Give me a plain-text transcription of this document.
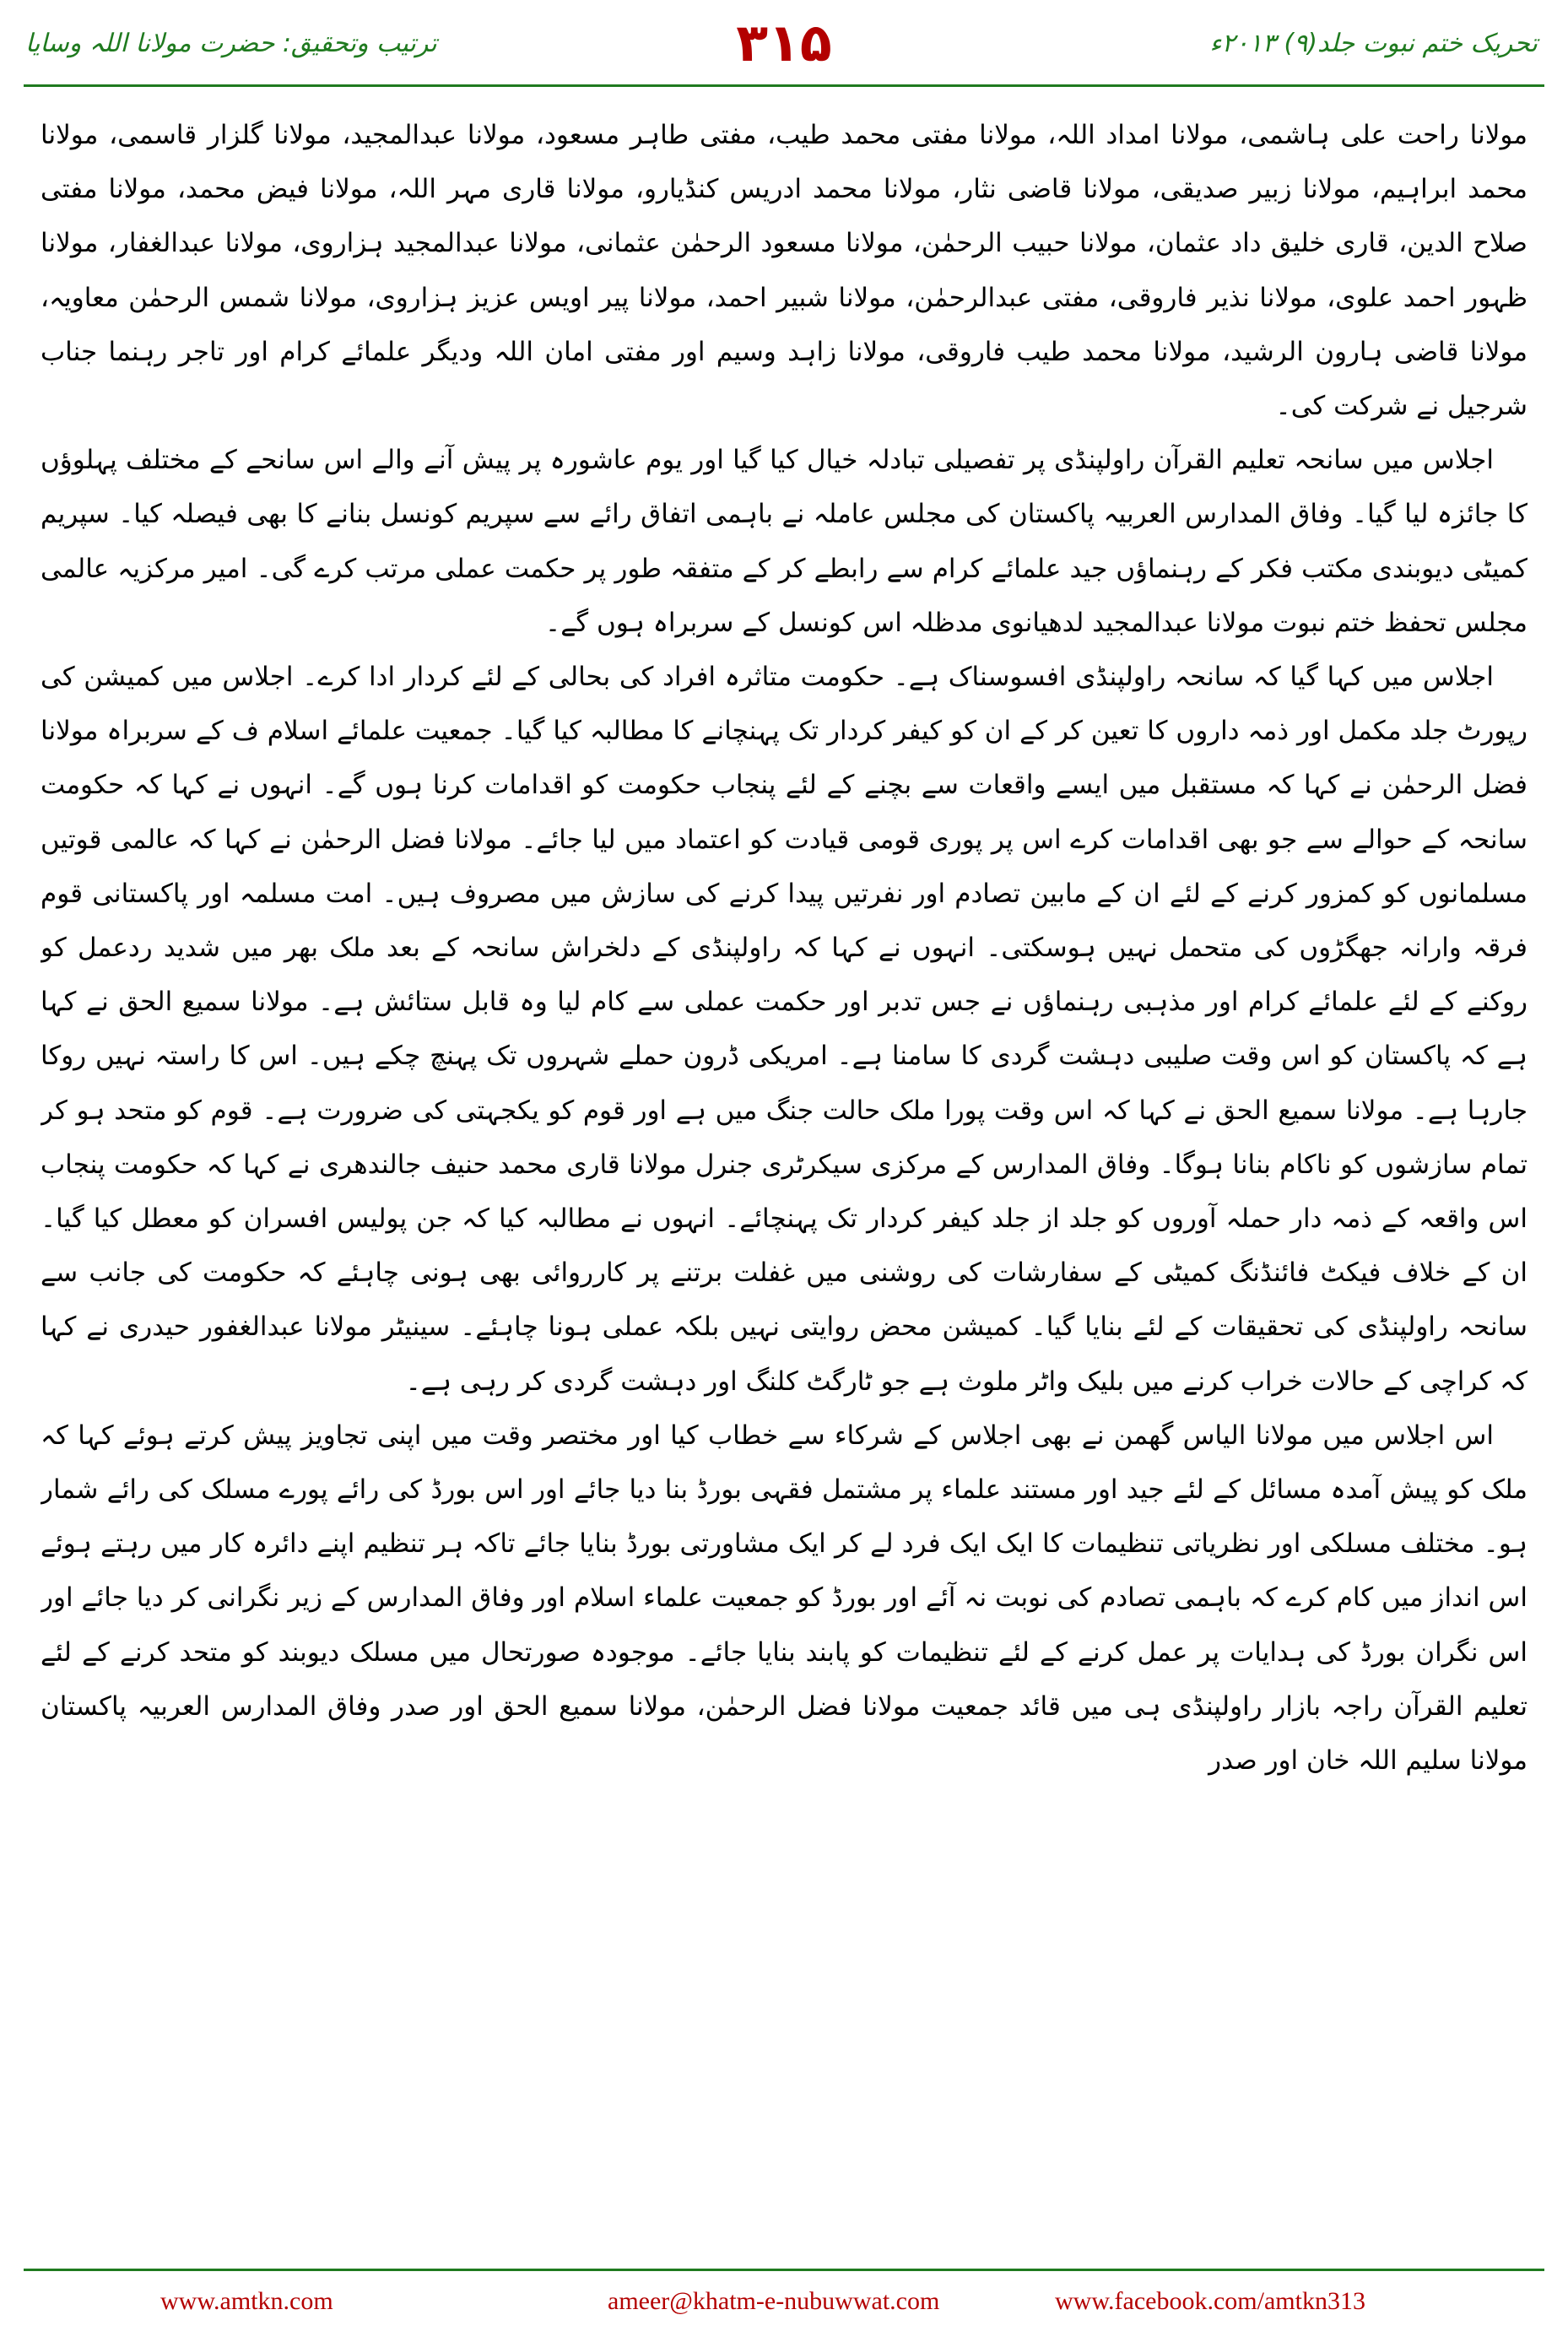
ترتیب وتحقیق: حضرت مولانا اللہ وسایا	۳۱۵	تحریک ختم نبوت جلد(۹) ۲۰۱۳ء

مولانا راحت علی ہاشمی، مولانا امداد اللہ، مولانا مفتی محمد طیب، مفتی طاہر مسعود، مولانا عبدالمجید، مولانا گلزار قاسمی، مولانا محمد ابراہیم، مولانا زبیر صدیقی، مولانا قاضی نثار، مولانا محمد ادریس کنڈیارو، مولانا قاری مہر اللہ، مولانا فیض محمد، مولانا مفتی صلاح الدین، قاری خلیق داد عثمان، مولانا حبیب الرحمٰن، مولانا مسعود الرحمٰن عثمانی، مولانا عبدالمجید ہزاروی، مولانا عبدالغفار، مولانا ظہور احمد علوی، مولانا نذیر فاروقی، مفتی عبدالرحمٰن، مولانا شبیر احمد، مولانا پیر اویس عزیز ہزاروی، مولانا شمس الرحمٰن معاویہ، مولانا قاضی ہارون الرشید، مولانا محمد طیب فاروقی، مولانا زاہد وسیم اور مفتی امان اللہ ودیگر علمائے کرام اور تاجر رہنما جناب شرجیل نے شرکت کی۔

اجلاس میں سانحہ تعلیم القرآن راولپنڈی پر تفصیلی تبادلہ خیال کیا گیا اور یوم عاشورہ پر پیش آنے والے اس سانحے کے مختلف پہلوؤں کا جائزہ لیا گیا۔ وفاق المدارس العربیہ پاکستان کی مجلس عاملہ نے باہمی اتفاق رائے سے سپریم کونسل بنانے کا بھی فیصلہ کیا۔ سپریم کمیٹی دیوبندی مکتب فکر کے رہنماؤں جید علمائے کرام سے رابطے کر کے متفقہ طور پر حکمت عملی مرتب کرے گی۔ امیر مرکزیہ عالمی مجلس تحفظ ختم نبوت مولانا عبدالمجید لدھیانوی مدظلہ اس کونسل کے سربراہ ہوں گے۔

اجلاس میں کہا گیا کہ سانحہ راولپنڈی افسوسناک ہے۔ حکومت متاثرہ افراد کی بحالی کے لئے کردار ادا کرے۔ اجلاس میں کمیشن کی رپورٹ جلد مکمل اور ذمہ داروں کا تعین کر کے ان کو کیفر کردار تک پہنچانے کا مطالبہ کیا گیا۔ جمعیت علمائے اسلام ف کے سربراہ مولانا فضل الرحمٰن نے کہا کہ مستقبل میں ایسے واقعات سے بچنے کے لئے پنجاب حکومت کو اقدامات کرنا ہوں گے۔ انہوں نے کہا کہ حکومت سانحہ کے حوالے سے جو بھی اقدامات کرے اس پر پوری قومی قیادت کو اعتماد میں لیا جائے۔ مولانا فضل الرحمٰن نے کہا کہ عالمی قوتیں مسلمانوں کو کمزور کرنے کے لئے ان کے مابین تصادم اور نفرتیں پیدا کرنے کی سازش میں مصروف ہیں۔ امت مسلمہ اور پاکستانی قوم فرقہ وارانہ جھگڑوں کی متحمل نہیں ہوسکتی۔ انہوں نے کہا کہ راولپنڈی کے دلخراش سانحہ کے بعد ملک بھر میں شدید ردعمل کو روکنے کے لئے علمائے کرام اور مذہبی رہنماؤں نے جس تدبر اور حکمت عملی سے کام لیا وہ قابل ستائش ہے۔ مولانا سمیع الحق نے کہا ہے کہ پاکستان کو اس وقت صلیبی دہشت گردی کا سامنا ہے۔ امریکی ڈرون حملے شہروں تک پہنچ چکے ہیں۔ اس کا راستہ نہیں روکا جارہا ہے۔ مولانا سمیع الحق نے کہا کہ اس وقت پورا ملک حالت جنگ میں ہے اور قوم کو یکجہتی کی ضرورت ہے۔ قوم کو متحد ہو کر تمام سازشوں کو ناکام بنانا ہوگا۔ وفاق المدارس کے مرکزی سیکرٹری جنرل مولانا قاری محمد حنیف جالندھری نے کہا کہ حکومت پنجاب اس واقعہ کے ذمہ دار حملہ آوروں کو جلد از جلد کیفر کردار تک پہنچائے۔ انہوں نے مطالبہ کیا کہ جن پولیس افسران کو معطل کیا گیا۔ ان کے خلاف فیکٹ فائنڈنگ کمیٹی کے سفارشات کی روشنی میں غفلت برتنے پر کارروائی بھی ہونی چاہئے کہ حکومت کی جانب سے سانحہ راولپنڈی کی تحقیقات کے لئے بنایا گیا۔ کمیشن محض روایتی نہیں بلکہ عملی ہونا چاہئے۔ سینیٹر مولانا عبدالغفور حیدری نے کہا کہ کراچی کے حالات خراب کرنے میں بلیک واٹر ملوث ہے جو ٹارگٹ کلنگ اور دہشت گردی کر رہی ہے۔

اس اجلاس میں مولانا الیاس گھمن نے بھی اجلاس کے شرکاء سے خطاب کیا اور مختصر وقت میں اپنی تجاویز پیش کرتے ہوئے کہا کہ ملک کو پیش آمدہ مسائل کے لئے جید اور مستند علماء پر مشتمل فقہی بورڈ بنا دیا جائے اور اس بورڈ کی رائے پورے مسلک کی رائے شمار ہو۔ مختلف مسلکی اور نظریاتی تنظیمات کا ایک ایک فرد لے کر ایک مشاورتی بورڈ بنایا جائے تاکہ ہر تنظیم اپنے دائرہ کار میں رہتے ہوئے اس انداز میں کام کرے کہ باہمی تصادم کی نوبت نہ آئے اور بورڈ کو جمعیت علماء اسلام اور وفاق المدارس کے زیر نگرانی کر دیا جائے اور اس نگران بورڈ کی ہدایات پر عمل کرنے کے لئے تنظیمات کو پابند بنایا جائے۔ موجودہ صورتحال میں مسلک دیوبند کو متحد کرنے کے لئے تعلیم القرآن راجہ بازار راولپنڈی ہی میں قائد جمعیت مولانا فضل الرحمٰن، مولانا سمیع الحق اور صدر وفاق المدارس العربیہ پاکستان مولانا سلیم اللہ خان اور صدر

www.amtkn.com	ameer@khatm-e-nubuwwat.com	www.facebook.com/amtkn313
